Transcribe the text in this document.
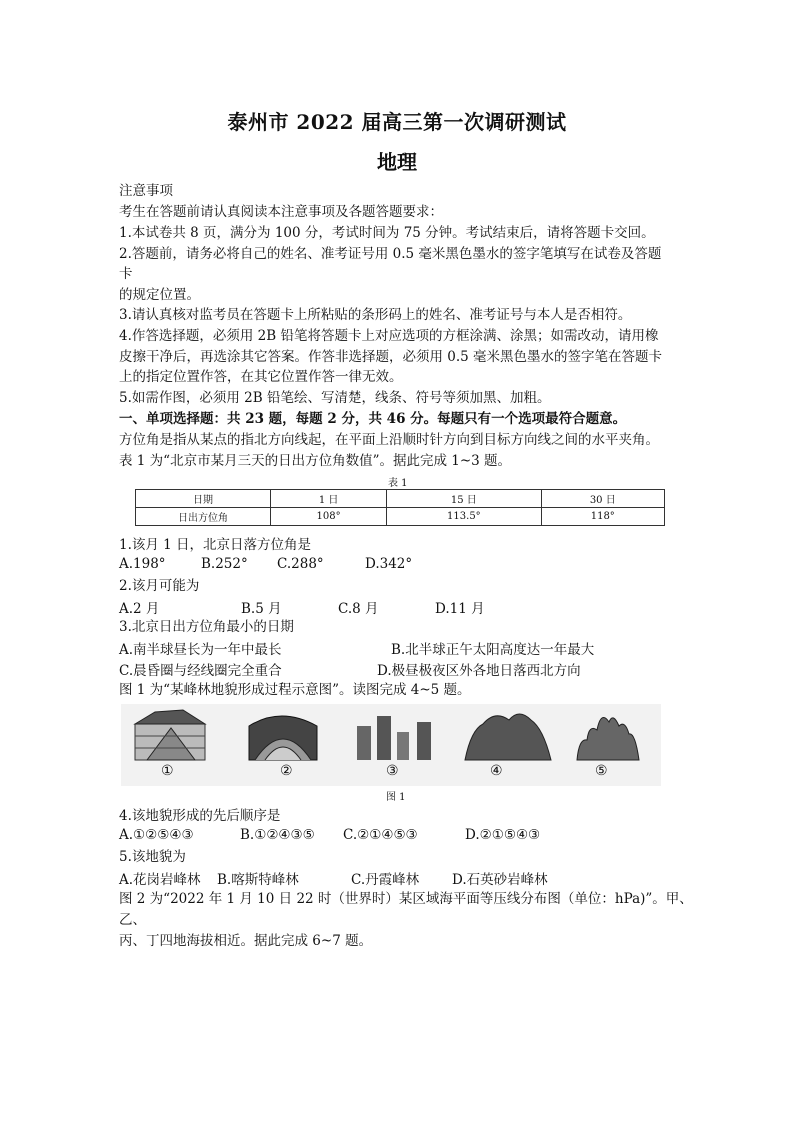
泰州市 2022 届高三第一次调研测试
地理
注意事项
考生在答题前请认真阅读本注意事项及各题答题要求：
1.本试卷共 8 页，满分为 100 分，考试时间为 75 分钟。考试结束后，请将答题卡交回。
2.答题前，请务必将自己的姓名、准考证号用 0.5 毫米黑色墨水的签字笔填写在试卷及答题
卡
的规定位置。
3.请认真核对监考员在答题卡上所粘贴的条形码上的姓名、准考证号与本人是否相符。
4.作答选择题，必须用 2B 铅笔将答题卡上对应选项的方框涂满、涂黑；如需改动，请用橡
皮擦干净后，再选涂其它答案。作答非选择题，必须用 0.5 毫米黑色墨水的签字笔在答题卡
上的指定位置作答，在其它位置作答一律无效。
5.如需作图，必须用 2B 铅笔绘、写清楚，线条、符号等须加黑、加粗。
一、单项选择题：共 23 题，每题 2 分，共 46 分。每题只有一个选项最符合题意。
方位角是指从某点的指北方向线起，在平面上沿顺时针方向到目标方向线之间的水平夹角。
表 1 为“北京市某月三天的日出方位角数值”。据此完成 1~3 题。
表 1
日期	1 日	15 日	30 日
日出方位角	108°	113.5°	118°
1.该月 1 日，北京日落方位角是
A.198°	B.252° C.288°	D.342°
2.该月可能为
A.2 月	B.5 月	C.8 月	D.11 月
3.北京日出方位角最小的日期
A.南半球昼长为一年中最长	B.北半球正午太阳高度达一年最大
C.晨昏圈与经线圈完全重合	D.极昼极夜区外各地日落西北方向
图 1 为“某峰林地貌形成过程示意图”。读图完成 4~5 题。
①	②	③	④	⑤
图 1
4.该地貌形成的先后顺序是
A.①②⑤④③	B.①②④③⑤ C.②①④⑤③	D.②①⑤④③
5.该地貌为
A.花岗岩峰林 B.喀斯特峰林	C.丹霞峰林 D.石英砂岩峰林
图 2 为“2022 年 1 月 10 日 22 时（世界时）某区域海平面等压线分布图（单位：hPa)”。甲、
乙、
丙、丁四地海拔相近。据此完成 6~7 题。
